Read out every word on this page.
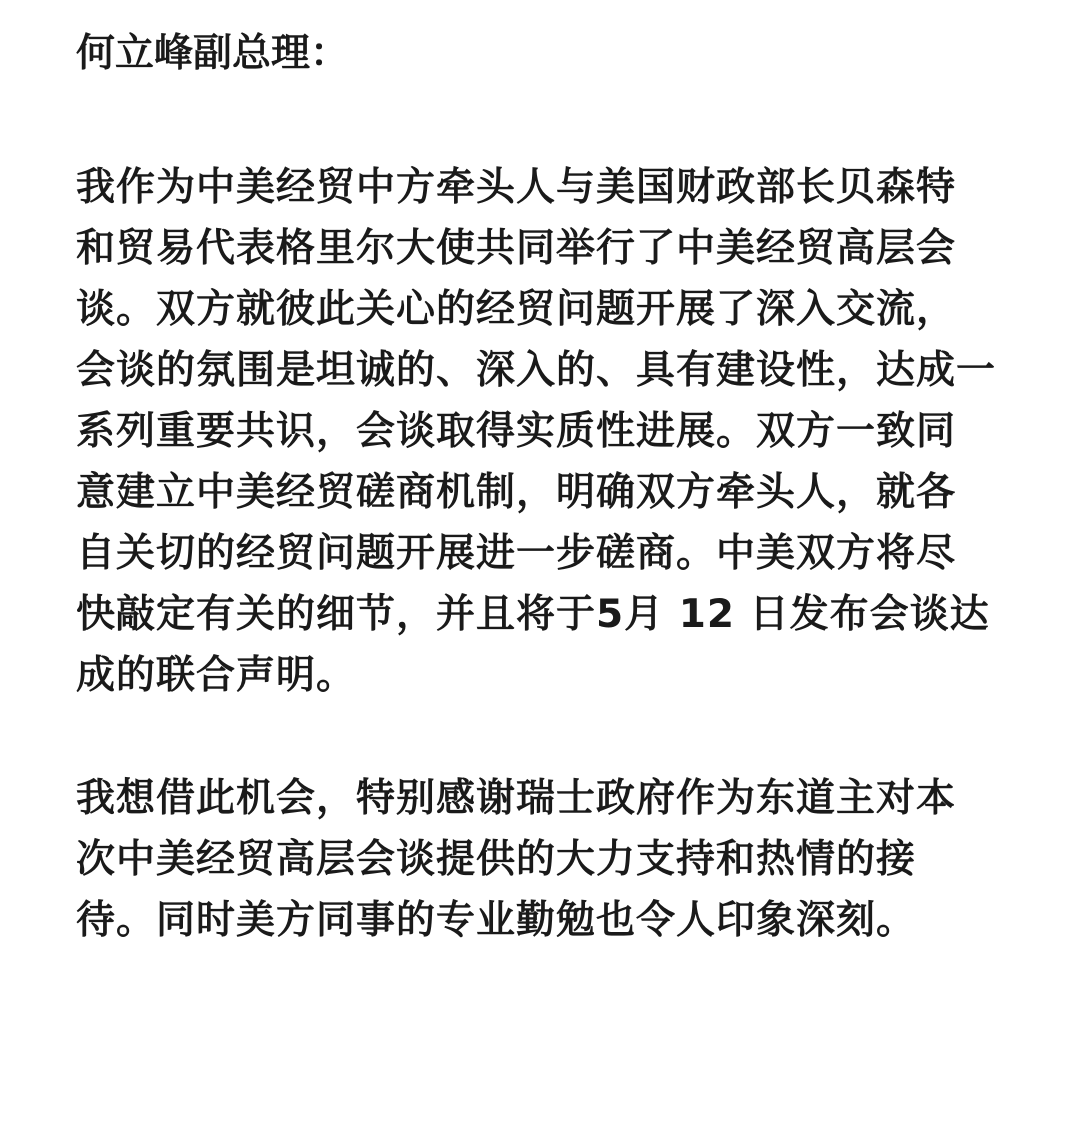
何立峰副总理：

我作为中美经贸中方牵头人与美国财政部长贝森特
和贸易代表格里尔大使共同举行了中美经贸高层会
谈。双方就彼此关心的经贸问题开展了深入交流，
会谈的氛围是坦诚的、深入的、具有建设性，达成一
系列重要共识，会谈取得实质性进展。双方一致同
意建立中美经贸磋商机制，明确双方牵头人，就各
自关切的经贸问题开展进一步磋商。中美双方将尽
快敲定有关的细节，并且将于5月 12 日发布会谈达
成的联合声明。

我想借此机会，特别感谢瑞士政府作为东道主对本
次中美经贸高层会谈提供的大力支持和热情的接
待。同时美方同事的专业勤勉也令人印象深刻。
